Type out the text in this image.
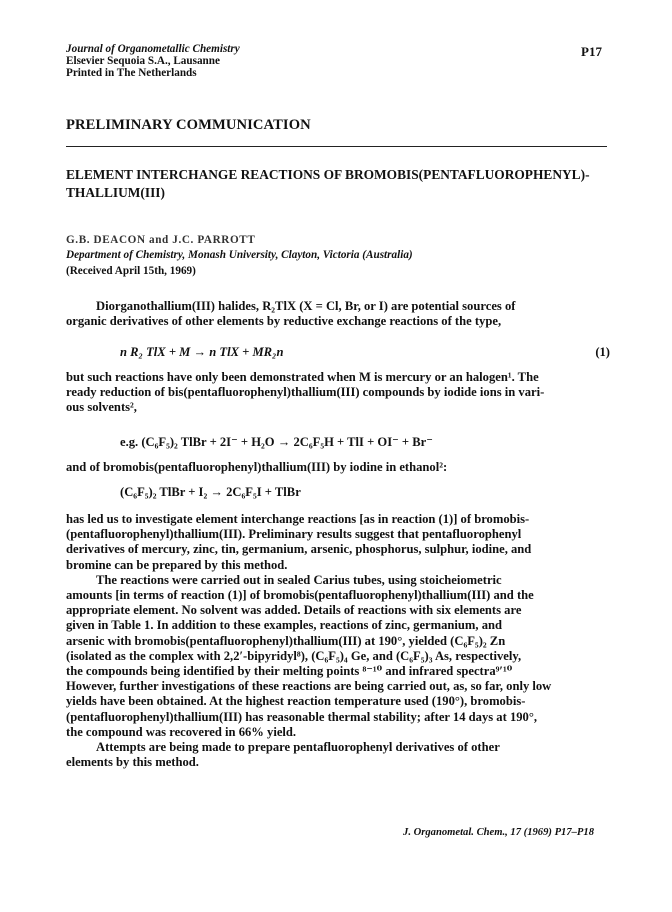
Journal of Organometallic Chemistry
Elsevier Sequoia S.A., Lausanne
Printed in The Netherlands
P17
PRELIMINARY COMMUNICATION
ELEMENT INTERCHANGE REACTIONS OF BROMOBIS(PENTAFLUOROPHENYL)-
THALLIUM(III)
G.B. DEACON and J.C. PARROTT
Department of Chemistry, Monash University, Clayton, Victoria (Australia)
(Received April 15th, 1969)
Diorganothallium(III) halides, R₂TlX (X = Cl, Br, or I) are potential sources of
organic derivatives of other elements by reductive exchange reactions of the type,
n R₂ TlX + M → n TlX + MR₂n	(1)
but such reactions have only been demonstrated when M is mercury or an halogen¹. The
ready reduction of bis(pentafluorophenyl)thallium(III) compounds by iodide ions in vari-
ous solvents²,
e.g. (C₆F₅)₂ TlBr + 2I⁻ + H₂O → 2C₆F₅H + TlI + OI⁻ + Br⁻
and of bromobis(pentafluorophenyl)thallium(III) by iodine in ethanol²:
(C₆F₅)₂ TlBr + I₂ → 2C₆F₅I + TlBr
has led us to investigate element interchange reactions [as in reaction (1)] of bromobis-
(pentafluorophenyl)thallium(III). Preliminary results suggest that pentafluorophenyl
derivatives of mercury, zinc, tin, germanium, arsenic, phosphorus, sulphur, iodine, and
bromine can be prepared by this method.
The reactions were carried out in sealed Carius tubes, using stoicheiometric
amounts [in terms of reaction (1)] of bromobis(pentafluorophenyl)thallium(III) and the
appropriate element. No solvent was added. Details of reactions with six elements are
given in Table 1. In addition to these examples, reactions of zinc, germanium, and
arsenic with bromobis(pentafluorophenyl)thallium(III) at 190°, yielded (C₆F₅)₂ Zn
(isolated as the complex with 2,2′-bipyridyl⁸), (C₆F₅)₄ Ge, and (C₆F₅)₃ As, respectively,
the compounds being identified by their melting points ⁸⁻¹⁰ and infrared spectra⁹ʹ¹⁰
However, further investigations of these reactions are being carried out, as, so far, only low
yields have been obtained. At the highest reaction temperature used (190°), bromobis-
(pentafluorophenyl)thallium(III) has reasonable thermal stability; after 14 days at 190°,
the compound was recovered in 66% yield.
Attempts are being made to prepare pentafluorophenyl derivatives of other
elements by this method.
J. Organometal. Chem., 17 (1969) P17–P18
